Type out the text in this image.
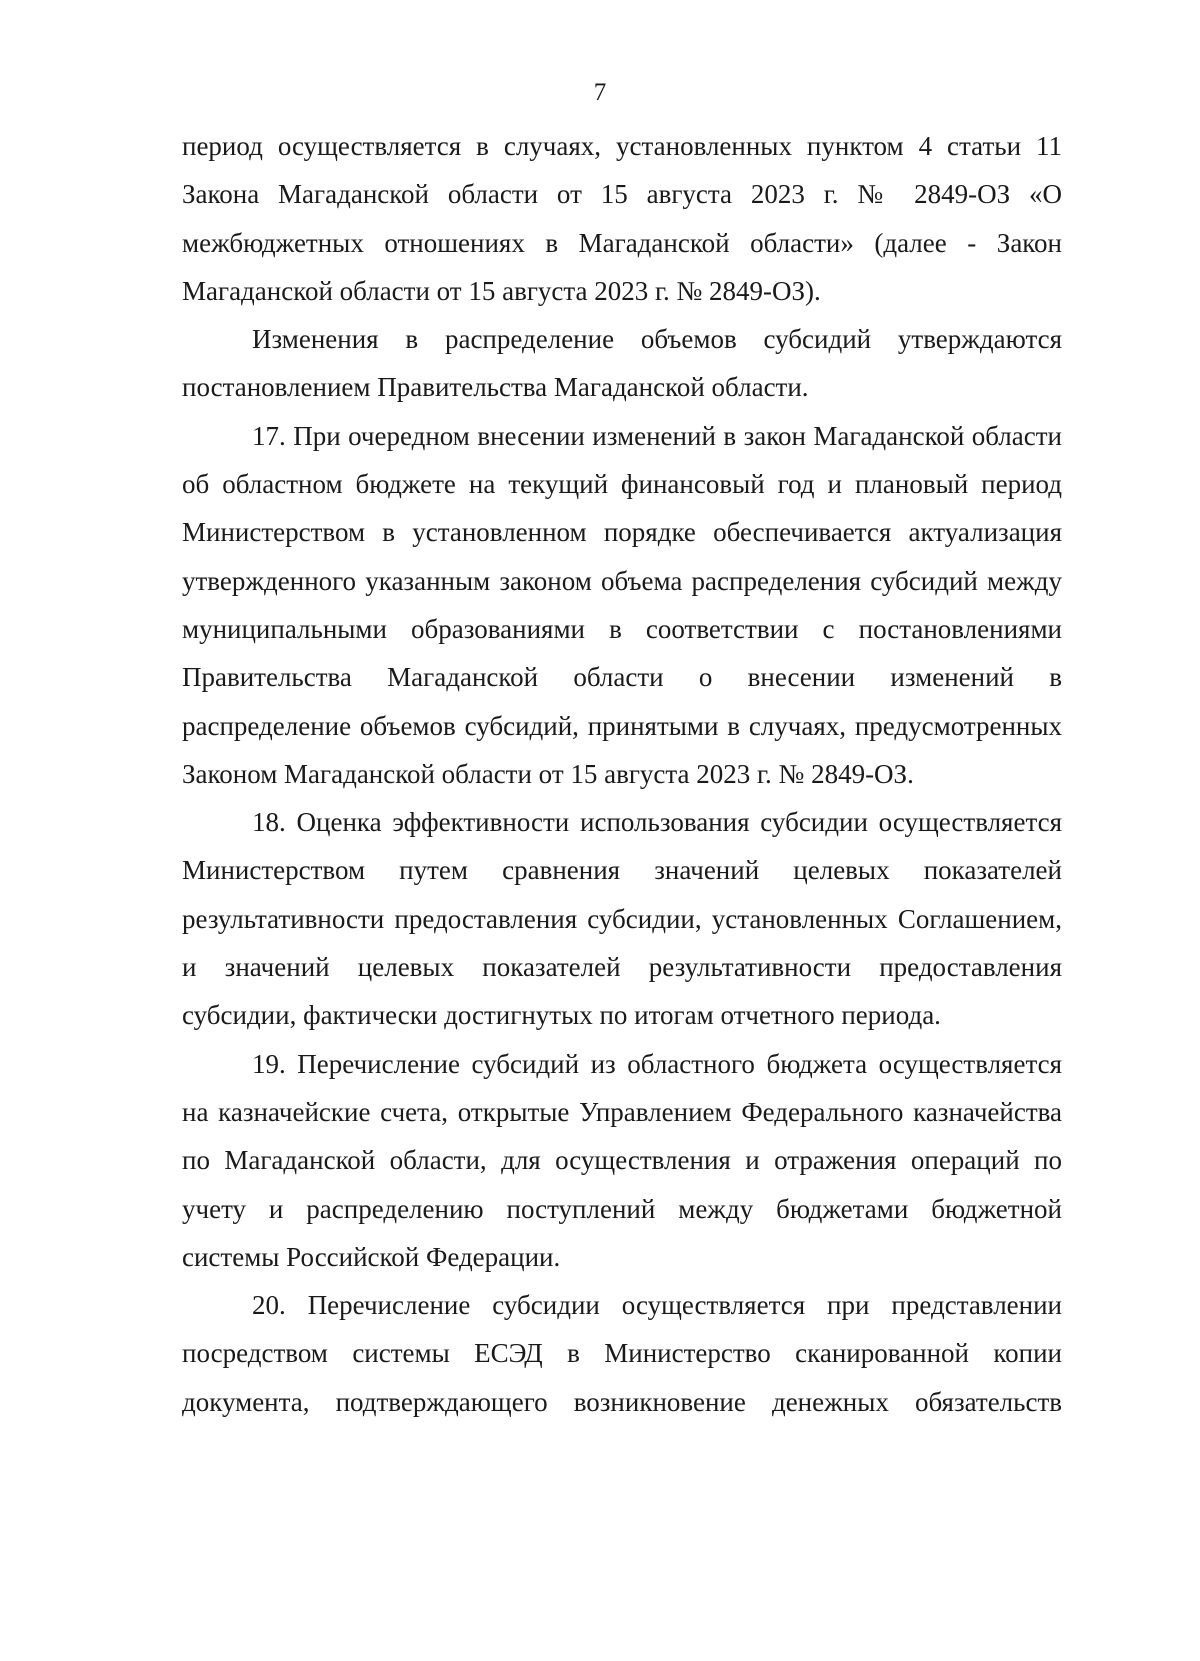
7

период осуществляется в случаях, установленных пунктом 4 статьи 11 Закона Магаданской области от 15 августа 2023 г. № 2849-ОЗ «О межбюджетных отношениях в Магаданской области» (далее - Закон Магаданской области от 15 августа 2023 г. № 2849-ОЗ).

Изменения в распределение объемов субсидий утверждаются постановлением Правительства Магаданской области.

17. При очередном внесении изменений в закон Магаданской области об областном бюджете на текущий финансовый год и плановый период Министерством в установленном порядке обеспечивается актуализация утвержденного указанным законом объема распределения субсидий между муниципальными образованиями в соответствии с постановлениями Правительства Магаданской области о внесении изменений в распределение объемов субсидий, принятыми в случаях, предусмотренных Законом Магаданской области от 15 августа 2023 г. № 2849-ОЗ.

18. Оценка эффективности использования субсидии осуществляется Министерством путем сравнения значений целевых показателей результативности предоставления субсидии, установленных Соглашением, и значений целевых показателей результативности предоставления субсидии, фактически достигнутых по итогам отчетного периода.

19. Перечисление субсидий из областного бюджета осуществляется на казначейские счета, открытые Управлением Федерального казначейства по Магаданской области, для осуществления и отражения операций по учету и распределению поступлений между бюджетами бюджетной системы Российской Федерации.

20. Перечисление субсидии осуществляется при представлении посредством системы ЕСЭД в Министерство сканированной копии документа, подтверждающего возникновение денежных обязательств
